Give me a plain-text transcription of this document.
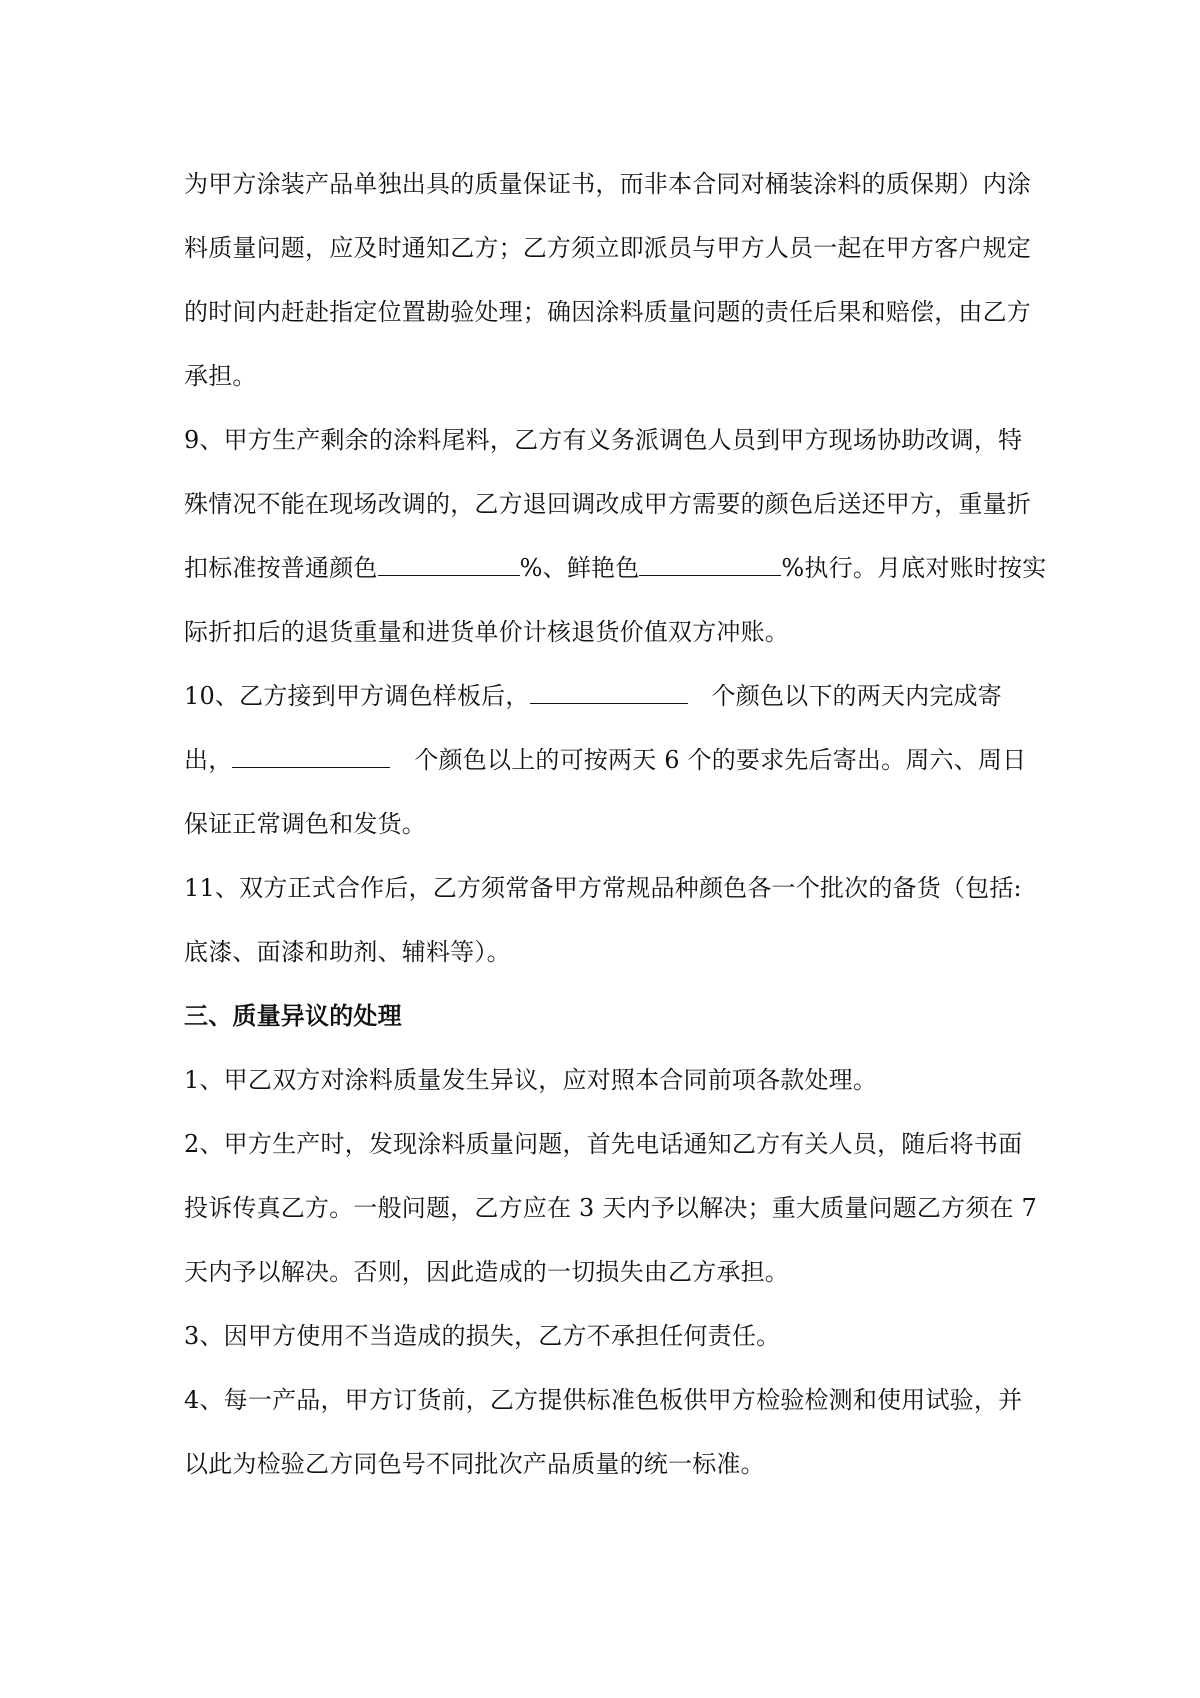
为甲方涂装产品单独出具的质量保证书，而非本合同对桶装涂料的质保期）内涂
料质量问题，应及时通知乙方；乙方须立即派员与甲方人员一起在甲方客户规定
的时间内赶赴指定位置勘验处理；确因涂料质量问题的责任后果和赔偿，由乙方
承担。
9、甲方生产剩余的涂料尾料，乙方有义务派调色人员到甲方现场协助改调，特
殊情况不能在现场改调的，乙方退回调改成甲方需要的颜色后送还甲方，重量折
扣标准按普通颜色	%、鲜艳色	%执行。月底对账时按实
际折扣后的退货重量和进货单价计核退货价值双方冲账。
10、乙方接到甲方调色样板后，	个颜色以下的两天内完成寄
出，	个颜色以上的可按两天 6 个的要求先后寄出。周六、周日
保证正常调色和发货。
11、双方正式合作后，乙方须常备甲方常规品种颜色各一个批次的备货（包括:
底漆、面漆和助剂、辅料等）。
三、质量异议的处理
1、甲乙双方对涂料质量发生异议，应对照本合同前项各款处理。
2、甲方生产时，发现涂料质量问题，首先电话通知乙方有关人员，随后将书面
投诉传真乙方。一般问题，乙方应在 3 天内予以解决；重大质量问题乙方须在 7
天内予以解决。否则，因此造成的一切损失由乙方承担。
3、因甲方使用不当造成的损失，乙方不承担任何责任。
4、每一产品，甲方订货前，乙方提供标准色板供甲方检验检测和使用试验，并
以此为检验乙方同色号不同批次产品质量的统一标准。
